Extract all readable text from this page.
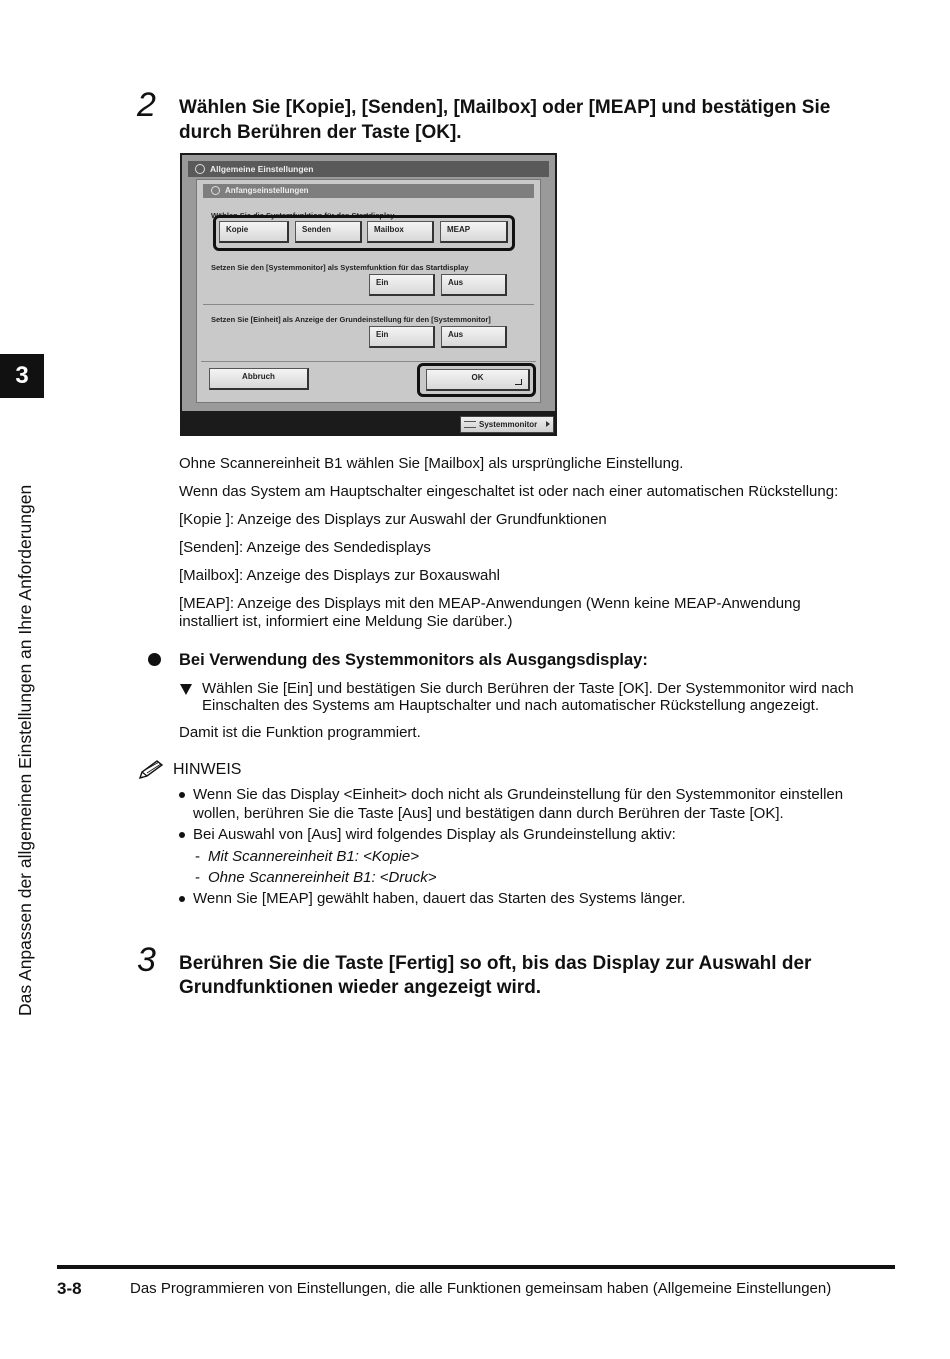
3
Das Anpassen der allgemeinen Einstellungen an Ihre Anforderungen
2 Wählen Sie [Kopie], [Senden], [Mailbox] oder [MEAP] und bestätigen Sie
durch Berühren der Taste [OK].
Allgemeine Einstellungen
Anfangseinstellungen
Wählen Sie die Systemfunktion für das Startdisplay
Kopie	Senden	Mailbox	MEAP
Setzen Sie den [Systemmonitor] als Systemfunktion für das Startdisplay
Ein	Aus
Setzen Sie [Einheit] als Anzeige der Grundeinstellung für den [Systemmonitor]
Ein	Aus
Abbruch	OK
Systemmonitor
Ohne Scannereinheit B1 wählen Sie [Mailbox] als ursprüngliche Einstellung.
Wenn das System am Hauptschalter eingeschaltet ist oder nach einer automatischen Rückstellung:
[Kopie ]: Anzeige des Displays zur Auswahl der Grundfunktionen
[Senden]: Anzeige des Sendedisplays
[Mailbox]: Anzeige des Displays zur Boxauswahl
[MEAP]: Anzeige des Displays mit den MEAP-Anwendungen (Wenn keine MEAP-Anwendung
installiert ist, informiert eine Meldung Sie darüber.)
Bei Verwendung des Systemmonitors als Ausgangsdisplay:
Wählen Sie [Ein] und bestätigen Sie durch Berühren der Taste [OK]. Der Systemmonitor wird nach Einschalten des Systems am Hauptschalter und nach automatischer Rückstellung angezeigt.
Damit ist die Funktion programmiert.
HINWEIS
Wenn Sie das Display <Einheit> doch nicht als Grundeinstellung für den Systemmonitor einstellen wollen, berühren Sie die Taste [Aus] und bestätigen dann durch Berühren der Taste [OK].
Bei Auswahl von [Aus] wird folgendes Display als Grundeinstellung aktiv:
- Mit Scannereinheit B1: <Kopie>
- Ohne Scannereinheit B1: <Druck>
Wenn Sie [MEAP] gewählt haben, dauert das Starten des Systems länger.
3 Berühren Sie die Taste [Fertig] so oft, bis das Display zur Auswahl der
Grundfunktionen wieder angezeigt wird.
3-8	Das Programmieren von Einstellungen, die alle Funktionen gemeinsam haben (Allgemeine Einstellungen)
